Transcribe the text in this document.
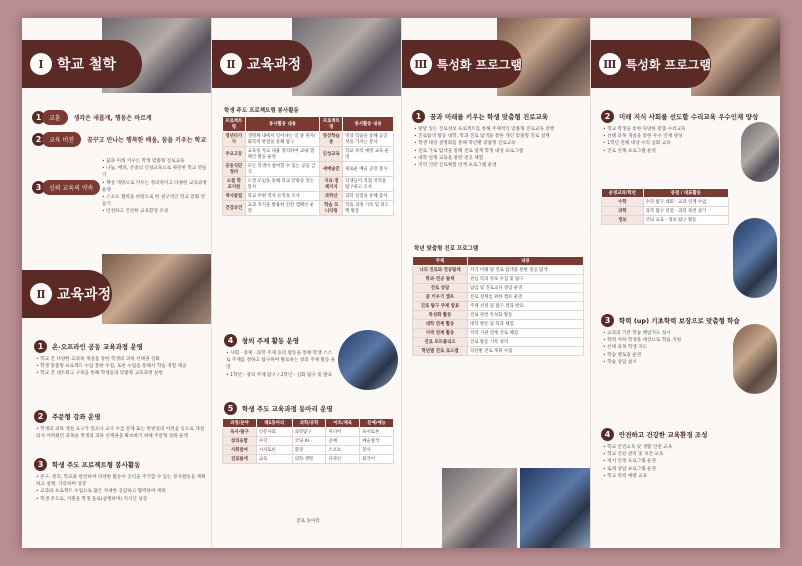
Ⅰ 학교 철학
1	교훈	생각은 새롭게, 행동은 바르게
2	교육 비전	꿈꾸고 만나는 행복한 배움, 꿈을 키우는 학교
3	신뢰 교육의 약속
• 꿈과 미래 키우는 학생 맞춤형 진로교육
• 나눔, 배려, 존중의 인성교육으로 따뜻한 학교 만들기
• 책상 개방으로 키우는 정의적이고 다양한 교육과정 운영
• 스포츠 협력을 바탕으로 한 친구적인 학교 문화 만들기
• 안전하고 건강한 교육환경 조성
Ⅱ 교육과정
1	온·오프라인 공동 교육과정 운영
• 학교 간 다양한 교과목 개설을 통한 학생의 과목 선택권 강화
• 학생 맞춤형 프로젝트 수업 통한 수업, 토론 수업을 통해서 학습 경험 제공
• 학교 간 네트워크 구축을 통해 학생들의 맞춤형 교육과정 실현
2	주문형 강좌 운영
• 학생의 과목 개설 요구가 있으나 교사 수급 문제 또는 반편성의 어려움 등으로 개설되지 어려웠던 과목을 학생의 과목 선택권을 확보하기 위해 주문형 강좌 운영
3	학생 주도 프로젝트형 봉사활동
• 친구, 원리, 학교와 관련하여 다양한 활동이 공익을 주기할 수 있는 봉사활동을 계획하고 실행, 기록하며 성장
• 교과와 프로젝트 수업으로 많은 자세한 공감하고 협력하여 세워
• 학생 주도로, 지원을 학생 을로(실행하며) 지식인 성장
Ⅱ 교육과정
학생 주도 프로젝트형 봉사활동
프로젝트 명	봉사활동 내용	프로젝트 명	봉사활동 내용
정년다가가	생명체 내에서 일어나는 일 중 원자/화학적 관점을 통해 탐구	영상학습중	영상 학습을 통해 공공성을 가지는 봉사
주요고등	교육청 자료 내용 정리하여 교내 캠페인 활동 운영	인성교육	학교 폭력 예방 교육 운영
공동식단 정비	모든 학생이 참여할 수 있는 공동 급식	새예술꾼	새로운 예술 공연 봉사
소셜 학교지원	소셜 모임을 통해 학교 안팎을 잇는 봉사	지리·경제지식	학생들이 직접 지역을 탐구하고 조사
역사클럽	학교 주변 역사 유적을 조사	과학산	과학 실험을 통해 봉사
건강과건	교과 지식을 활용한 건강 캠페인 운영	학습 모니터링	학습 과정 기록 및 피드백 활동
4	창의 주제 활동 운영
• 사회 · 경제 · 과학 주제 등의 활동을 통해 학생 스스로 주제를 정하고 탐구하여 발표하는 창의 주제 활동 운영
• 1학년 : 창의 주제 탐구 / 2학년 : 심화 탐구 및 발표
5	학생 주도 교육과정 동아리 운영
과정/분야	제1동아리	과학/공학	아트/체육	문예/예능
독서·탐구	인문사회	과학탐구	미디어	독서토론
창의융합	수학	코딩·AI	공예	예술창작
사회참여	시사토론	환경	스포츠	봉사
진로탐색	교육	의학·생명	디자인	외국어
진로 동아리
Ⅲ 특성화 프로그램
1	꿈과 미래를 키우는 학생 맞춤형 진로교육
• 발달 있는 진로정보 프로젝트를 통해 주체적인 맞춤형 진로교육 진행
• 진로탐색 활동 대학, 학과 진로 탐색을 통한 개인 맞춤형 진로 설계
• 학생 대상 설명회를 통해 학년별 맞춤형 진로교육
• 진로 가로 탐색을 통해 진로 설계 학생 대상 프로그램
• 대학 연계 교육을 통한 전공 체험
• 지역 기반 진로체험 연계 프로그램 운영
학년 맞춤형 진로 프로그램
주제	내용
나의 진로와 전공탐색	자기 이해 및 진로 탐색을 통한 전공 탐색
학과·전공 탐색	관심 학과 정보 수집 및 탐구
진로 상담	담임 및 진로교사 상담 운영
꿈 키우기 캠프	진로 설계를 위한 캠프 운영
진로 탐구 주제 발표	주제 선정 및 탐구 결과 발표
특성화 활동	진로 관련 특성화 활동
대학 연계 활동	대학 방문 및 학과 체험
지역 연계 활동	지역 기관 연계 진로 체험
진로 포트폴리오	진로 활동 기록 정리
학년별 진로 로드맵	학년별 진로 계획 수립
Ⅲ 특성화 프로그램
2	미래 지식 사회를 선도할 수리교육 우수인재 양성
• 학교 학생을 통한 다양한 맞춤 수리교육
• 선택 과목 개설을 통한 우수 인재 양성
• 1학년 전체 대상 수리 심화 교육
• 진로 연계 프로그램 운영
운영교과/학년	중점 / 대표활동
수학	수학 탐구 대회 · 교과 연계 수업
과학	과학 탐구 실험 · 과학 축전 참가
정보	코딩 교육 · 정보 탐구 활동
3	학력 (up) 기초학력 보장으로 맞춤형 학습
• 교과의 기본 학습 책임지도 실시
• 학력 저하 학생을 대상으로 학습 지원
• 선택 과목 학생 지도
• 학습 멘토링 운영
• 학습 상담 실시
4	안전하고 건강한 교육환경 조성
• 학교 안전교육 및 생활 안전 교육
• 학교 건강 관리 및 보건 교육
• 정서 안정 프로그램 운영
• 또래 상담 프로그램 운영
• 학교 폭력 예방 교육
